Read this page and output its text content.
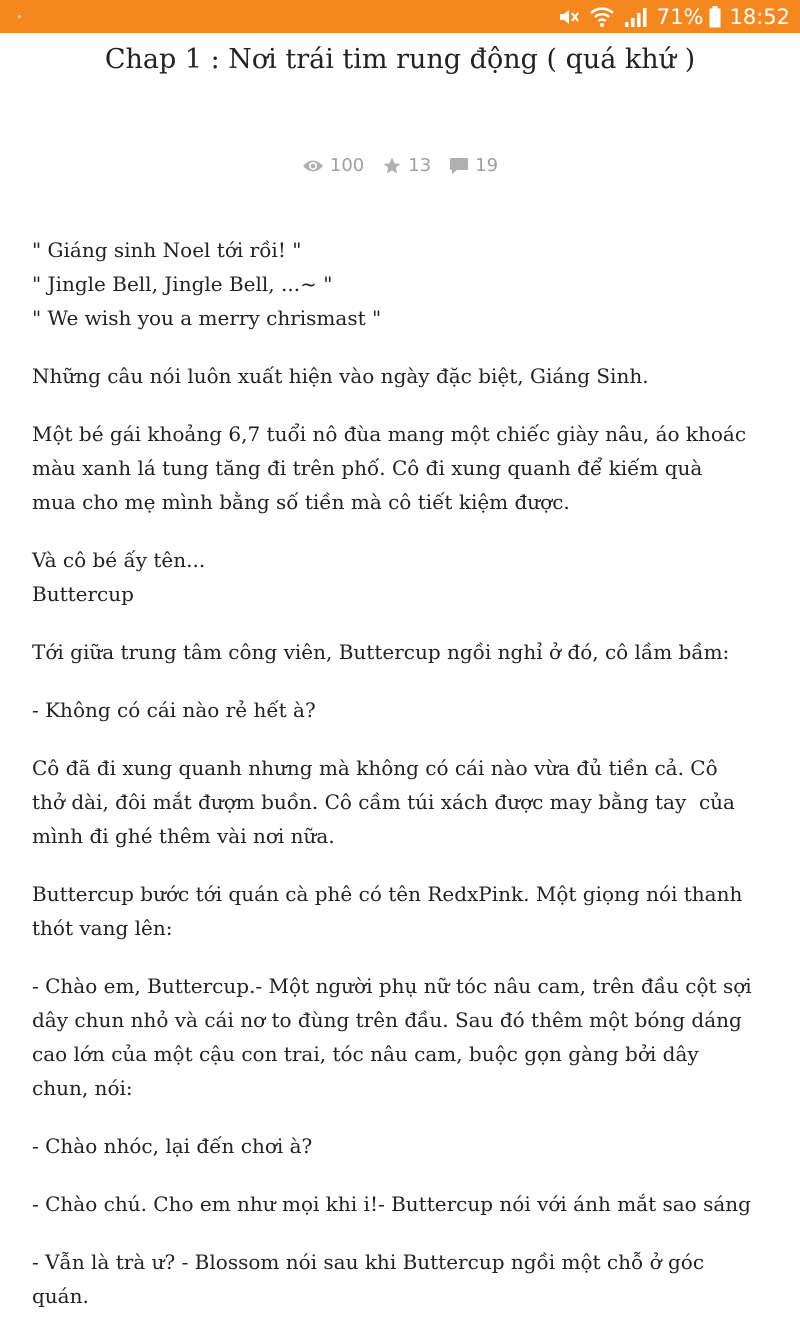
71% 18:52
Chap 1 : Nơi trái tim rung động ( quá khứ )
100 13 19

" Giáng sinh Noel tới rồi! "
" Jingle Bell, Jingle Bell, ...~ "
" We wish you a merry chrismast "

Những câu nói luôn xuất hiện vào ngày đặc biệt, Giáng Sinh.

Một bé gái khoảng 6,7 tuổi nô đùa mang một chiếc giày nâu, áo khoác màu xanh lá tung tăng đi trên phố. Cô đi xung quanh để kiếm quà mua cho mẹ mình bằng số tiền mà cô tiết kiệm được.

Và cô bé ấy tên...
Buttercup

Tới giữa trung tâm công viên, Buttercup ngồi nghỉ ở đó, cô lầm bầm:

- Không có cái nào rẻ hết à?

Cô đã đi xung quanh nhưng mà không có cái nào vừa đủ tiền cả. Cô thở dài, đôi mắt đượm buồn. Cô cầm túi xách được may bằng tay  của mình đi ghé thêm vài nơi nữa.

Buttercup bước tới quán cà phê có tên RedxPink. Một giọng nói thanh thót vang lên:

- Chào em, Buttercup.- Một người phụ nữ tóc nâu cam, trên đầu cột sợi dây chun nhỏ và cái nơ to đùng trên đầu. Sau đó thêm một bóng dáng cao lớn của một cậu con trai, tóc nâu cam, buộc gọn gàng bởi dây chun, nói:

- Chào nhóc, lại đến chơi à?

- Chào chú. Cho em như mọi khi i!- Buttercup nói với ánh mắt sao sáng

- Vẫn là trà ư? - Blossom nói sau khi Buttercup ngồi một chỗ ở góc quán.
